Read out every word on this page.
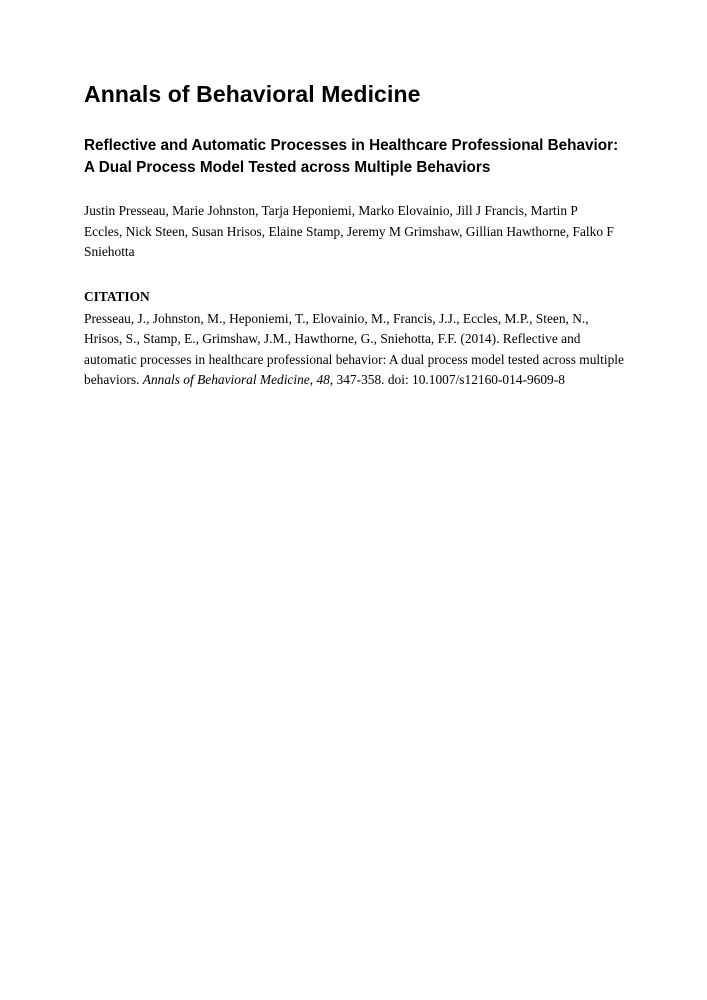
Annals of Behavioral Medicine
Reflective and Automatic Processes in Healthcare Professional Behavior: A Dual Process Model Tested across Multiple Behaviors

Justin Presseau, Marie Johnston, Tarja Heponiemi, Marko Elovainio, Jill J Francis, Martin P Eccles, Nick Steen, Susan Hrisos, Elaine Stamp, Jeremy M Grimshaw, Gillian Hawthorne, Falko F Sniehotta

CITATION

Presseau, J., Johnston, M., Heponiemi, T., Elovainio, M., Francis, J.J., Eccles, M.P., Steen, N., Hrisos, S., Stamp, E., Grimshaw, J.M., Hawthorne, G., Sniehotta, F.F. (2014). Reflective and automatic processes in healthcare professional behavior: A dual process model tested across multiple behaviors. Annals of Behavioral Medicine, 48, 347-358. doi: 10.1007/s12160-014-9609-8
